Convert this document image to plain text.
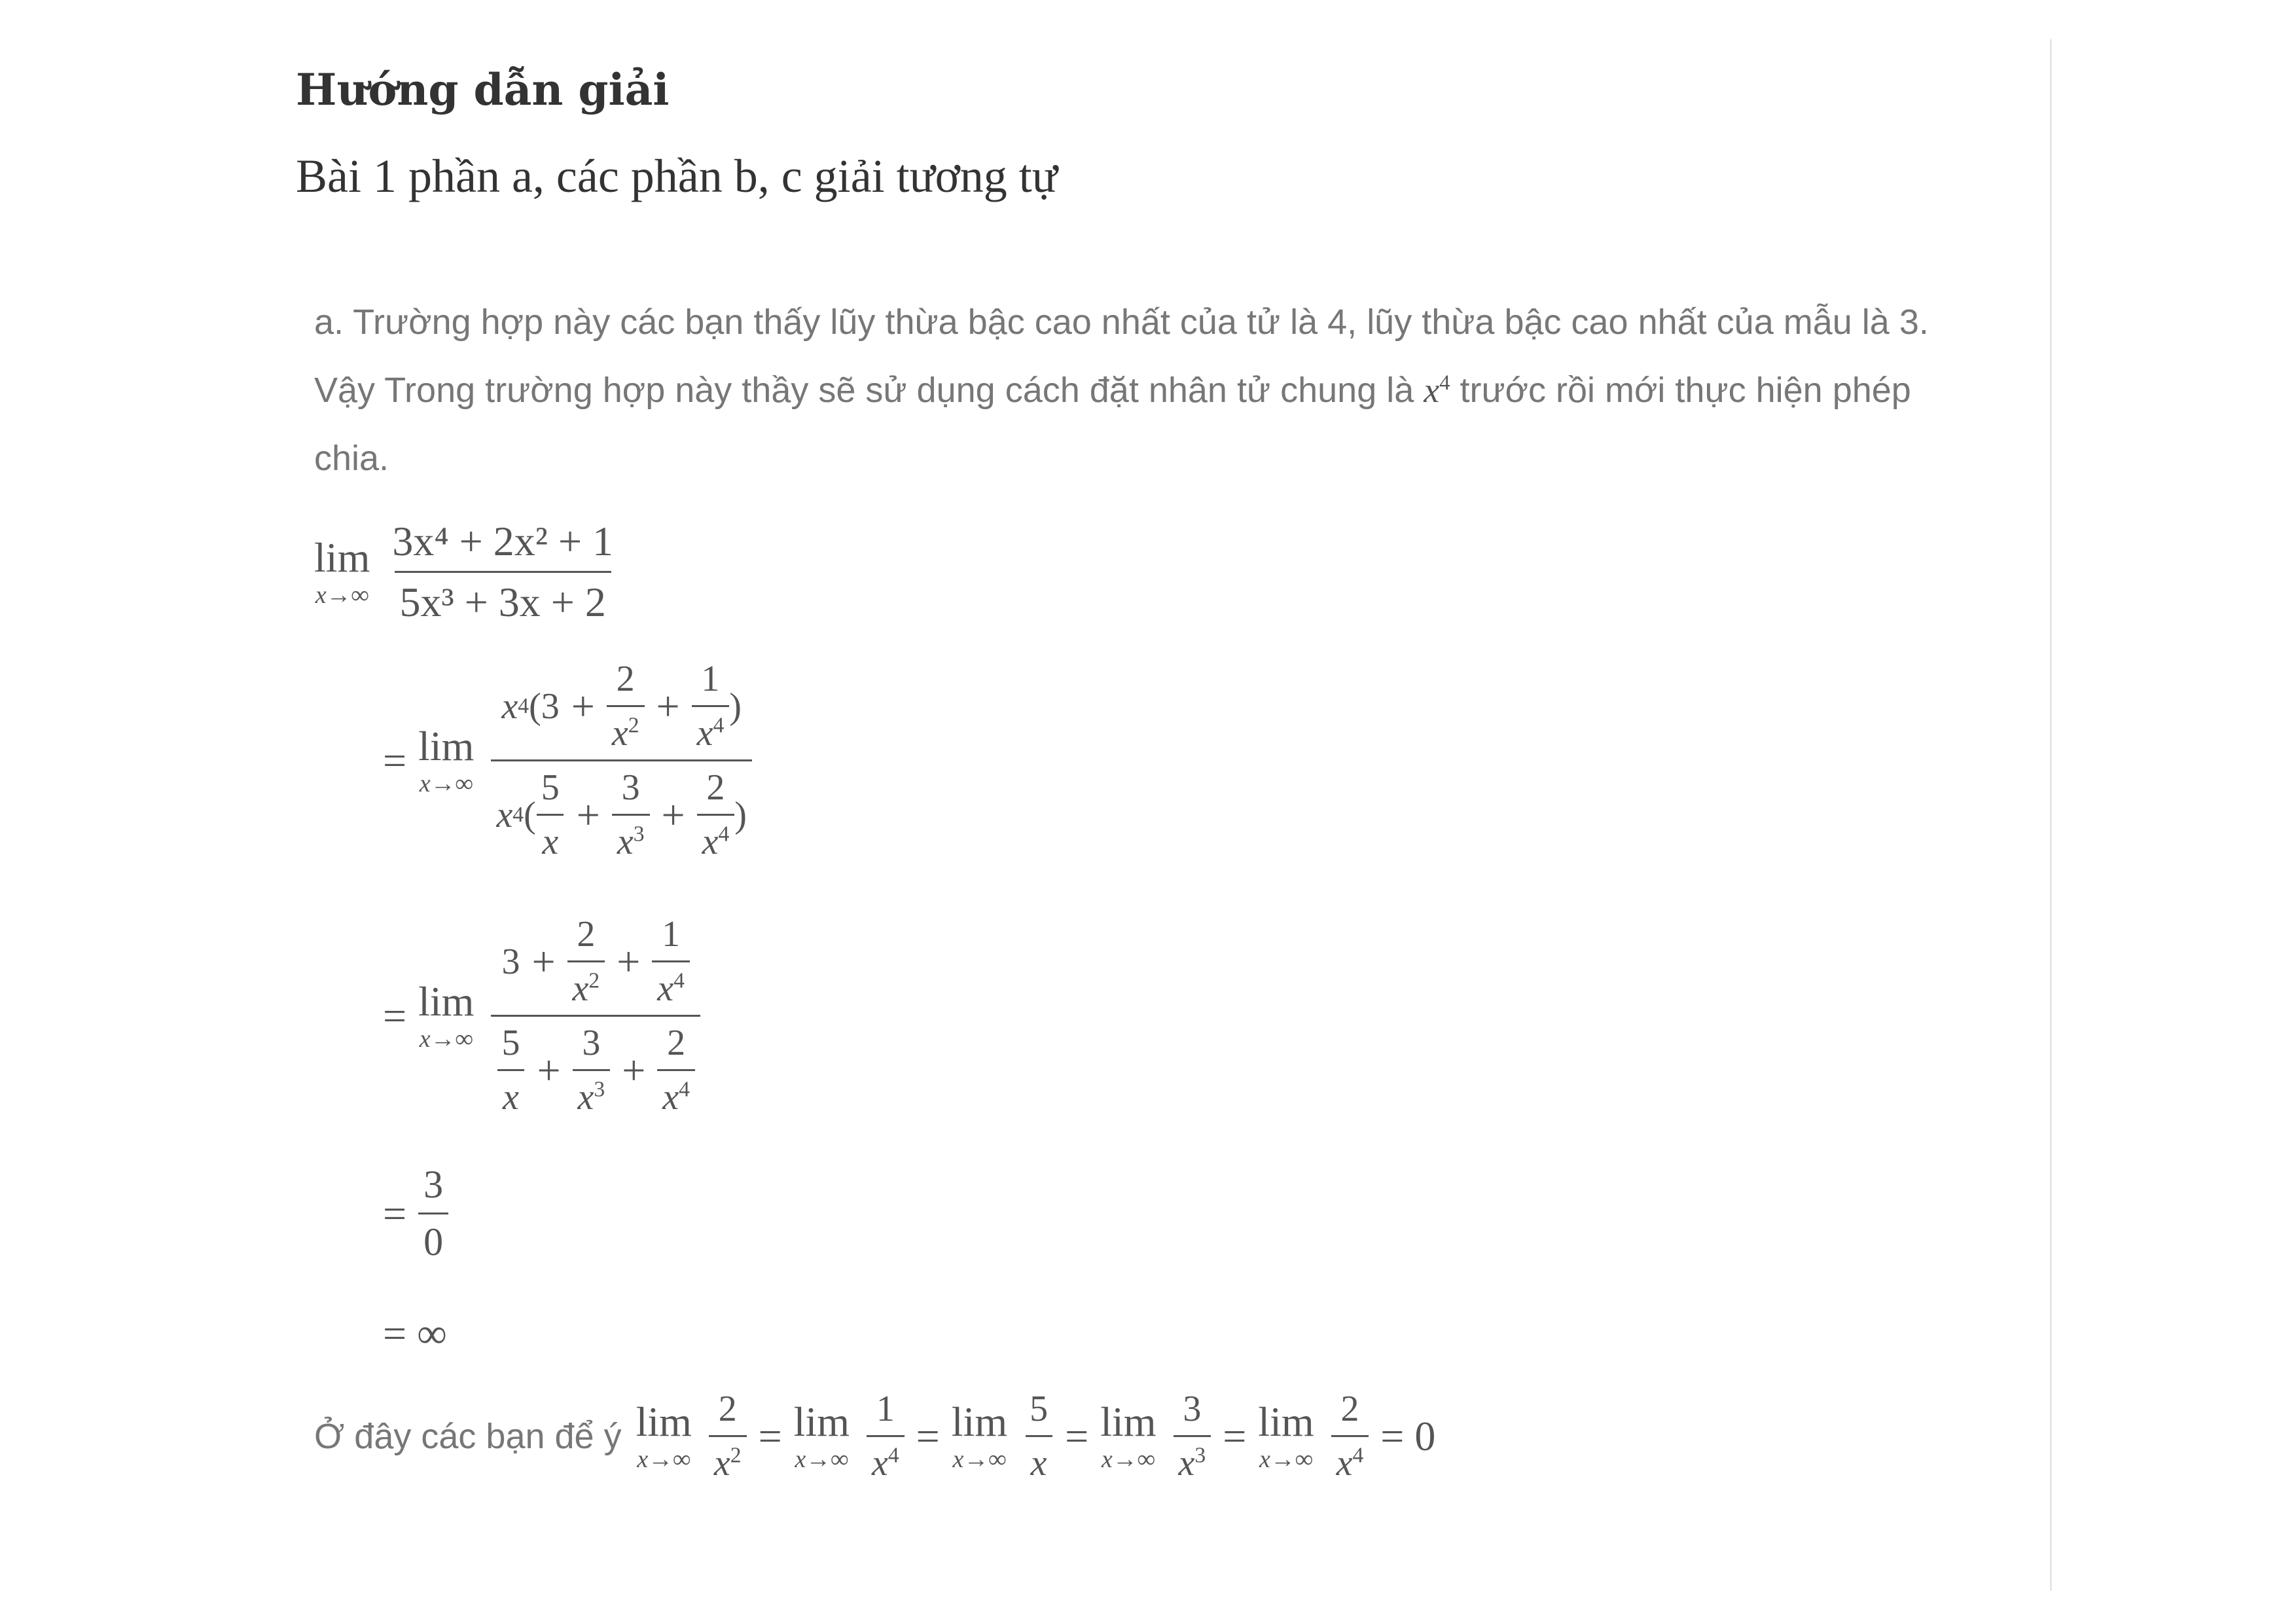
Hướng dẫn giải
Bài 1 phần a, các phần b, c giải tương tự
a. Trường hợp này các bạn thấy lũy thừa bậc cao nhất của tử là 4, lũy thừa bậc cao nhất của mẫu là 3. Vậy Trong trường hợp này thầy sẽ sử dụng cách đặt nhân tử chung là $x^4$ trước rồi mới thực hiện phép chia.
lim
$x\to\infty \frac{\text{3x⁴ + 2x² + 1}}{\text{5x³ + 3x + 2}}$
= lim
$x\to\infty \frac{x 4 (3 + \frac{2}{x^2} + \frac{1}{x^4} )}{x 4 ( \frac{5}{x} + \frac{3}{x^3} + \frac{2}{x^4} )}$
= lim
$x\to\infty \frac{3 + \frac{2}{x^2} + \frac{1}{x^4}}{\frac{5}{x} + \frac{3}{x^3} + \frac{2}{x^4}}$
= $\frac{3}{0}$
= ∞
Ở đây các bạn để ý lim
$x\to\infty \frac{2}{x^2} = \lim$
$x\to\infty \frac{1}{x^4} = \lim$
$x\to\infty \frac{5}{x} = \lim$
$x\to\infty \frac{3}{x^3} = \lim$
$x\to\infty \frac{2}{x^4} = 0$
